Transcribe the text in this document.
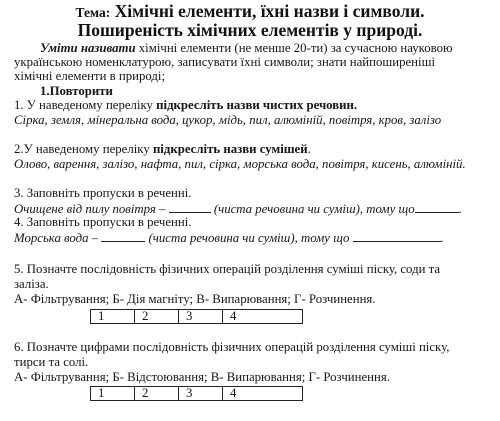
Тема: Хімічні елементи, їхні назви і символи.
Поширеність хімічних елементів у природі.
Уміти називати хімічні елементи (не менше 20-ти) за сучасною науковою
українською номенклатурою, записувати їхні символи; знати найпоширеніші
хімічні елементи в природі;
1.Повторити
1. У наведеному переліку підкресліть назви чистих речовин.
Сірка, земля, мінеральна вода, цукор, мідь, пил, алюміній, повітря, кров, залізо
2.У наведеному переліку підкресліть назви сумішей.
Олово, варення, залізо, нафта, пил, сірка, морська вода, повітря, кисень, алюміній.
3. Заповніть пропуски в реченні.
Очищене від пилу повітря –	(чиста речовина чи суміш), тому що	.
4. Заповніть пропуски в реченні.
Морська вода –	(чиста речовина чи суміш), тому що	.
5. Позначте послідовність фізичних операцій розділення суміші піску, соди та
заліза.
А- Фільтрування; Б- Дія магніту; В- Випарювання; Г- Розчинення.
1	2	3	4
6. Позначте цифрами послідовність фізичних операцій розділення суміші піску,
тирси та солі.
А- Фільтрування; Б- Відстоювання; В- Випарювання; Г- Розчинення.
1	2	3	4
